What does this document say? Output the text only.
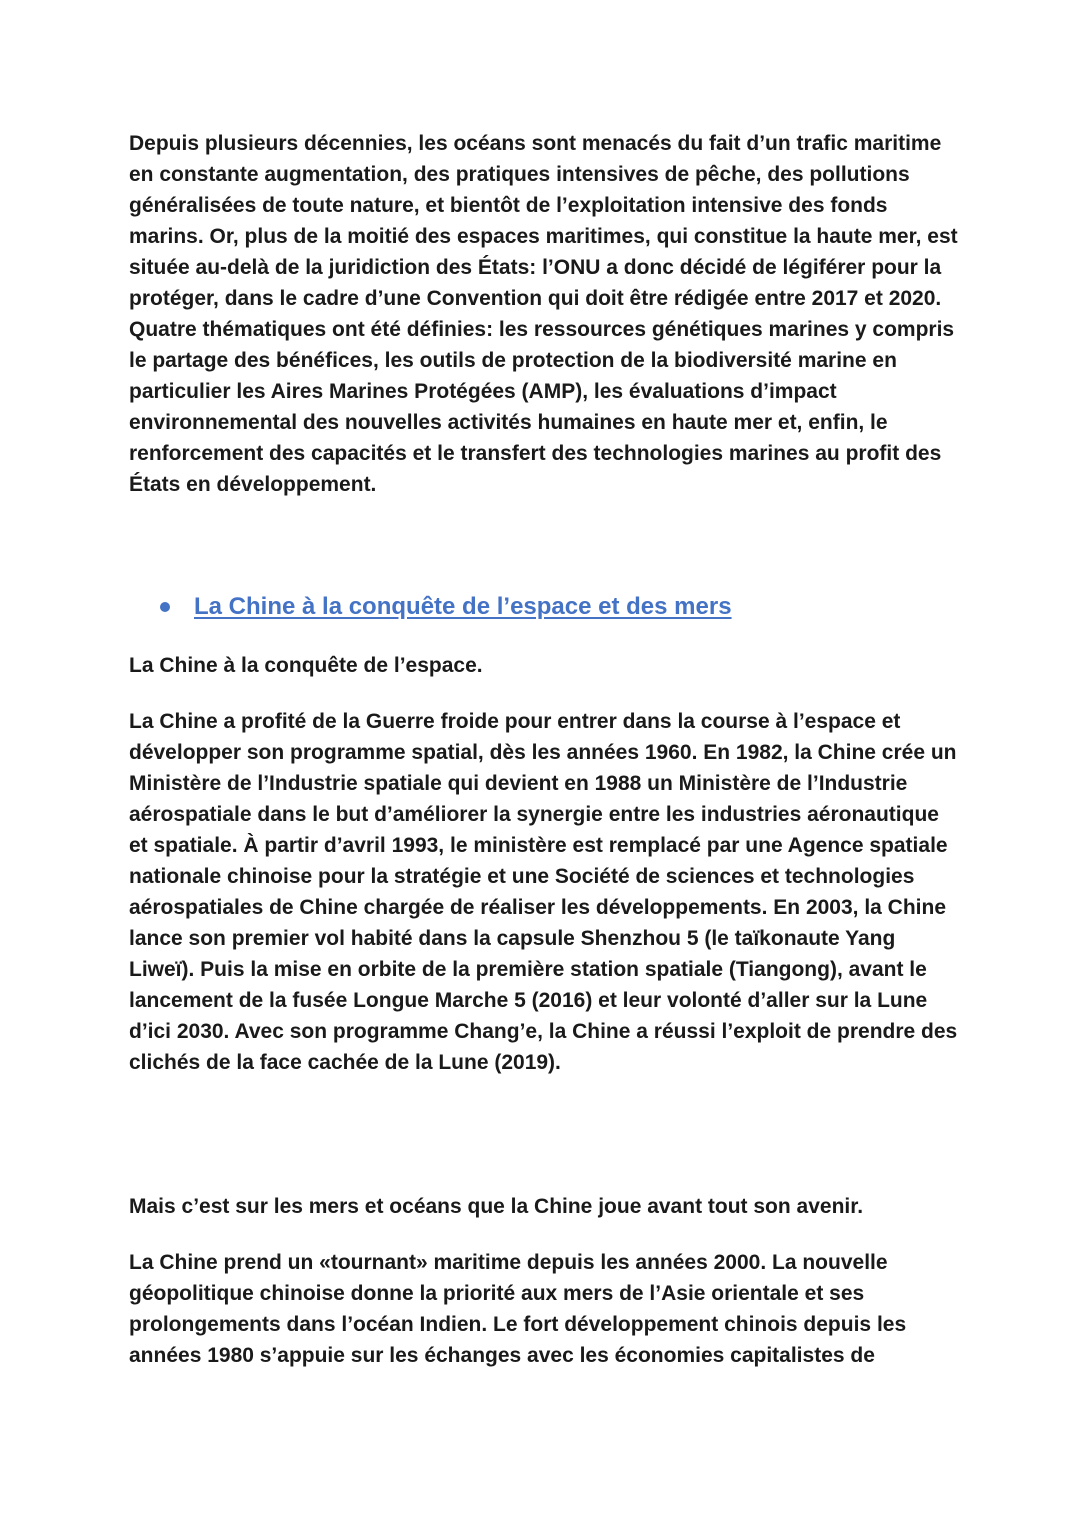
Depuis plusieurs décennies, les océans sont menacés du fait d’un trafic maritime en constante augmentation, des pratiques intensives de pêche, des pollutions généralisées de toute nature, et bientôt de l’exploitation intensive des fonds marins. Or, plus de la moitié des espaces maritimes, qui constitue la haute mer, est située au-delà de la juridiction des États: l’ONU a donc décidé de légiférer pour la protéger, dans le cadre d’une Convention qui doit être rédigée entre 2017 et 2020. Quatre thématiques ont été définies: les ressources génétiques marines y compris le partage des bénéfices, les outils de protection de la biodiversité marine en particulier les Aires Marines Protégées (AMP), les évaluations d’impact environnemental des nouvelles activités humaines en haute mer et, enfin, le renforcement des capacités et le transfert des technologies marines au profit des États en développement.

La Chine à la conquête de l’espace et des mers

La Chine à la conquête de l’espace.

La Chine a profité de la Guerre froide pour entrer dans la course à l’espace et développer son programme spatial, dès les années 1960. En 1982, la Chine crée un Ministère de l’Industrie spatiale qui devient en 1988 un Ministère de l’Industrie aérospatiale dans le but d’améliorer la synergie entre les industries aéronautique et spatiale. À partir d’avril 1993, le ministère est remplacé par une Agence spatiale nationale chinoise pour la stratégie et une Société de sciences et technologies aérospatiales de Chine chargée de réaliser les développements. En 2003, la Chine lance son premier vol habité dans la capsule Shenzhou 5 (le taïkonaute Yang Liweï). Puis la mise en orbite de la première station spatiale (Tiangong), avant le lancement de la fusée Longue Marche 5 (2016) et leur volonté d’aller sur la Lune d’ici 2030. Avec son programme Chang’e, la Chine a réussi l’exploit de prendre des clichés de la face cachée de la Lune (2019).

Mais c’est sur les mers et océans que la Chine joue avant tout son avenir.

La Chine prend un «tournant» maritime depuis les années 2000. La nouvelle géopolitique chinoise donne la priorité aux mers de l’Asie orientale et ses prolongements dans l’océan Indien. Le fort développement chinois depuis les années 1980 s’appuie sur les échanges avec les économies capitalistes de
